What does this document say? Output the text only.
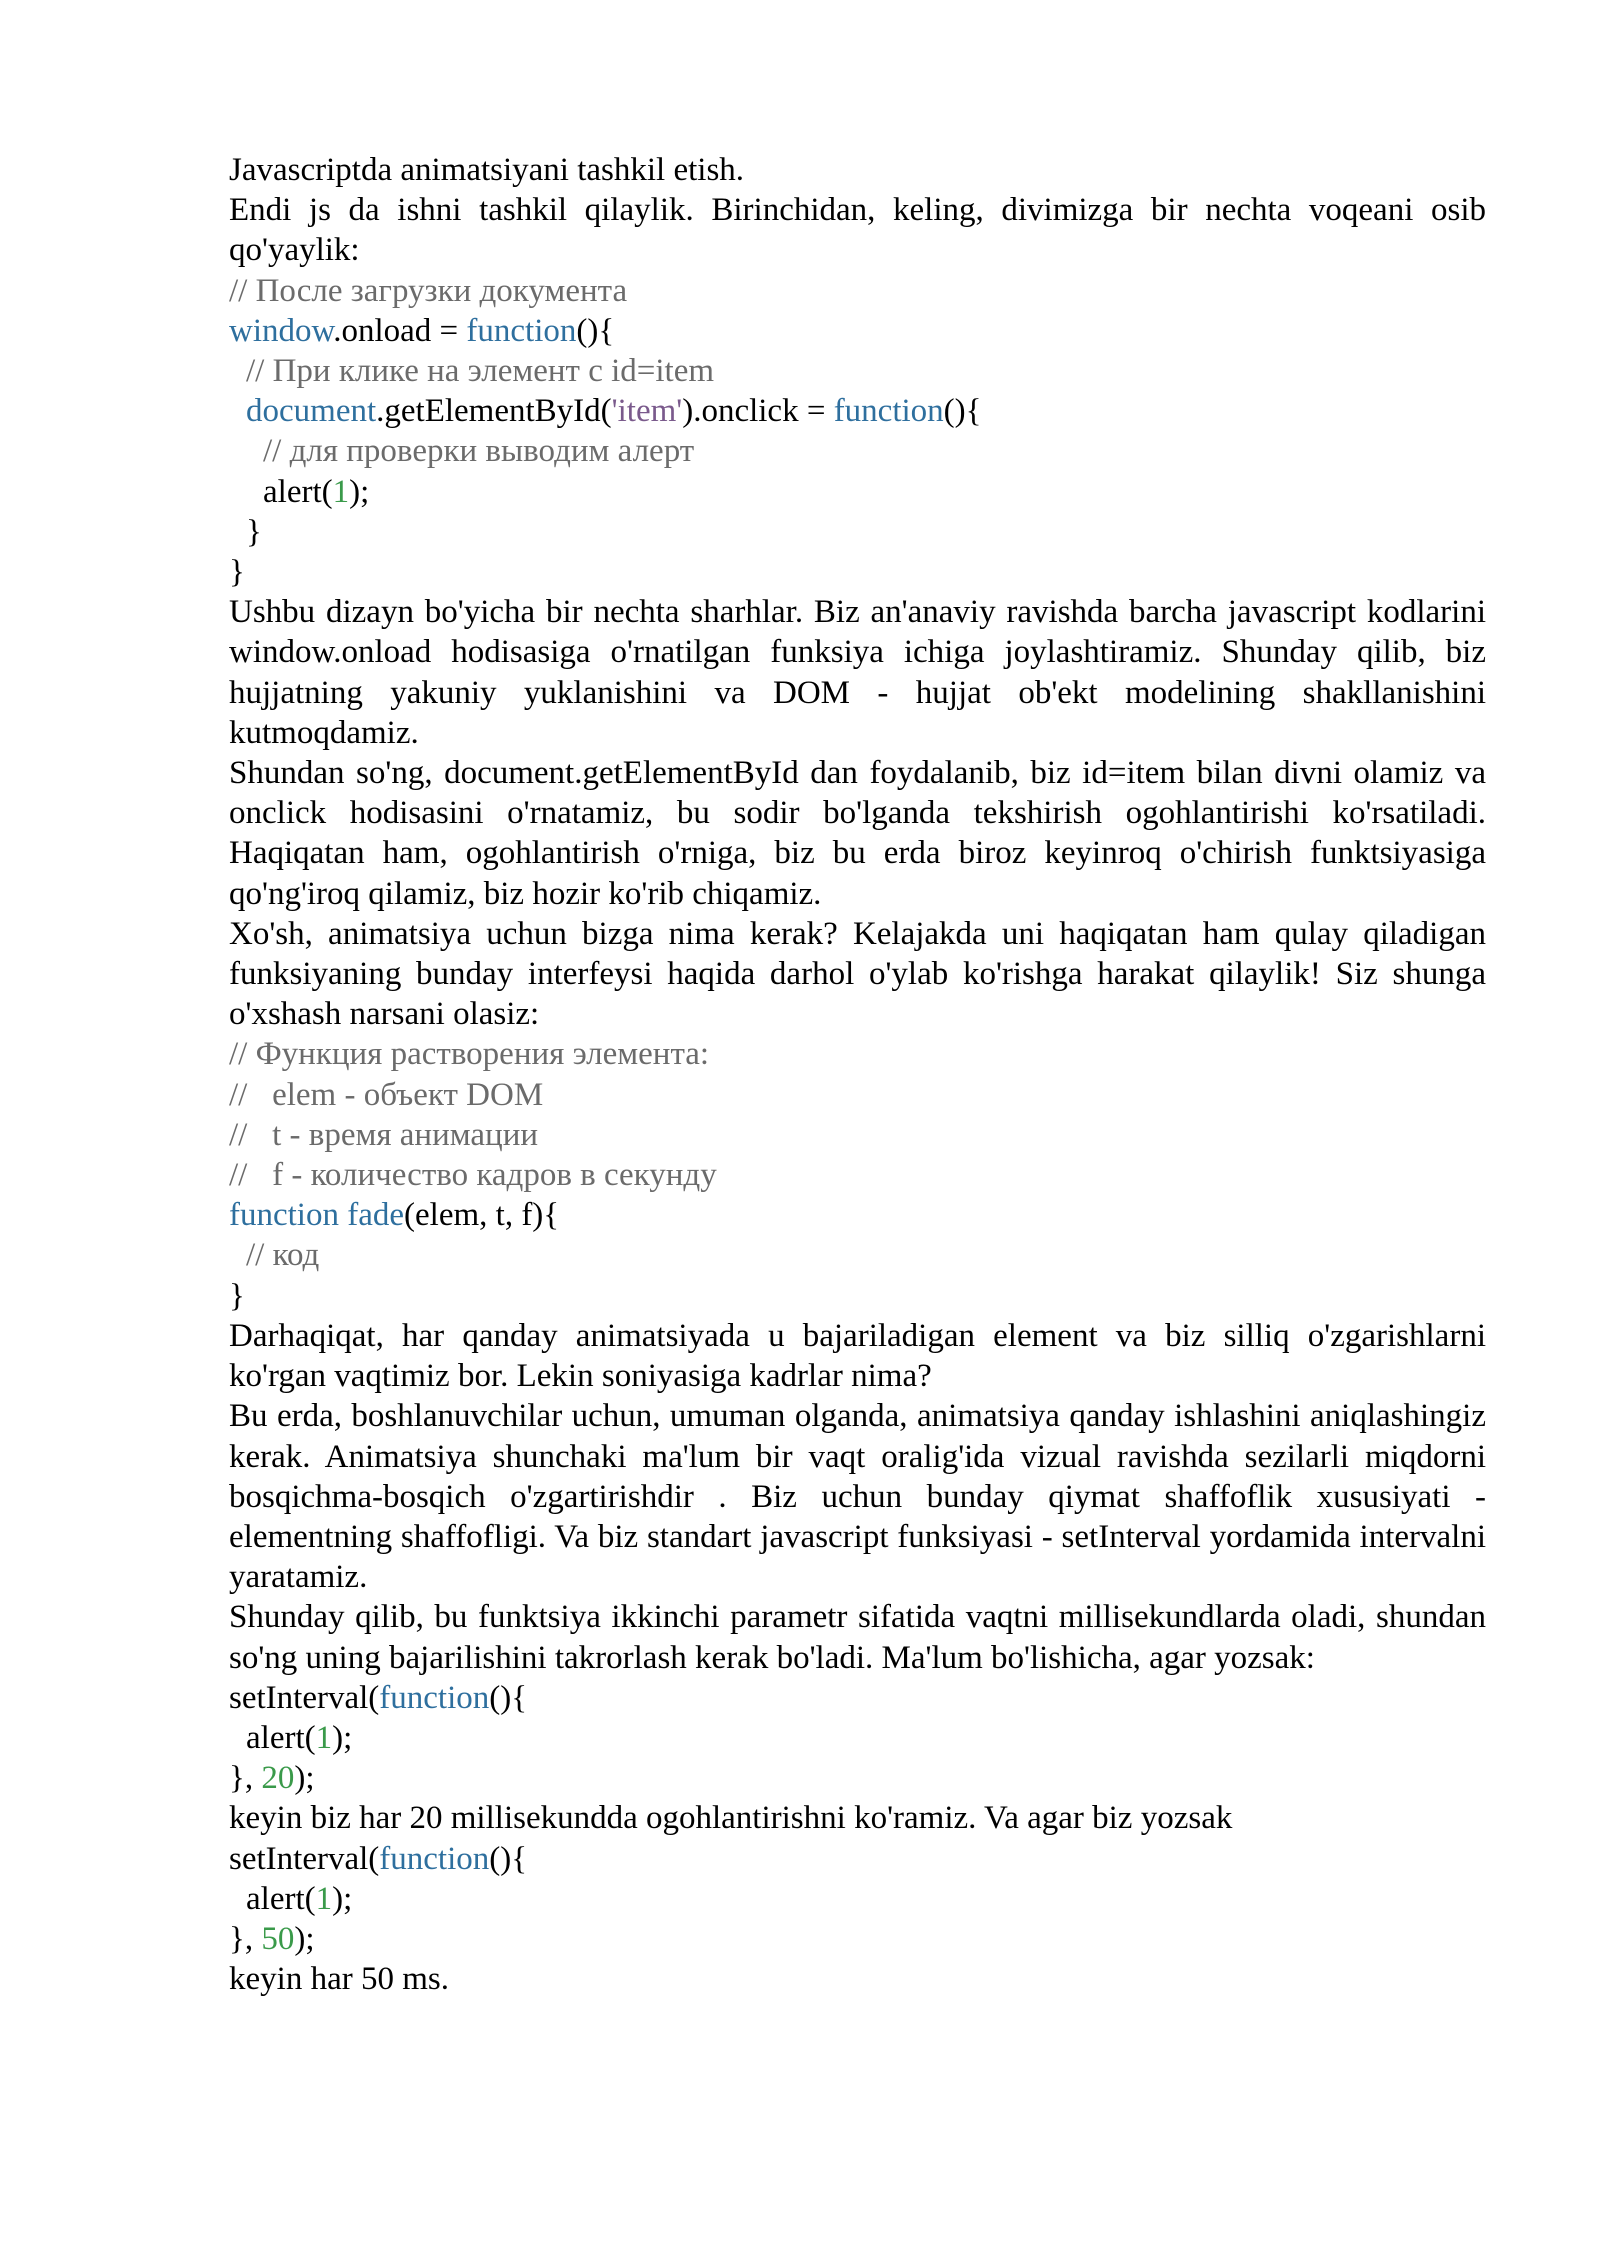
Javascriptda animatsiyani tashkil etish.
Endi js da ishni tashkil qilaylik. Birinchidan, keling, divimizga bir nechta voqeani osib qo'yaylik:
// После загрузки документа
window.onload = function(){
// При клике на элемент с id=item
document.getElementById('item').onclick = function(){
// для проверки выводим алерт
alert(1);
}
}
Ushbu dizayn bo'yicha bir nechta sharhlar. Biz an'anaviy ravishda barcha javascript kodlarini window.onload hodisasiga o'rnatilgan funksiya ichiga joylashtiramiz. Shunday qilib, biz hujjatning yakuniy yuklanishini va DOM - hujjat ob'ekt modelining shakllanishini kutmoqdamiz.
Shundan so'ng, document.getElementById dan foydalanib, biz id=item bilan divni olamiz va onclick hodisasini o'rnatamiz, bu sodir bo'lganda tekshirish ogohlantirishi ko'rsatiladi. Haqiqatan ham, ogohlantirish o'rniga, biz bu erda biroz keyinroq o'chirish funktsiyasiga qo'ng'iroq qilamiz, biz hozir ko'rib chiqamiz.
Xo'sh, animatsiya uchun bizga nima kerak? Kelajakda uni haqiqatan ham qulay qiladigan funksiyaning bunday interfeysi haqida darhol o'ylab ko'rishga harakat qilaylik! Siz shunga o'xshash narsani olasiz:
// Функция растворения элемента:
//   elem - объект DOM
//   t - время анимации
//   f - количество кадров в секунду
function fade(elem, t, f){
// код
}
Darhaqiqat, har qanday animatsiyada u bajariladigan element va biz silliq o'zgarishlarni ko'rgan vaqtimiz bor. Lekin soniyasiga kadrlar nima?
Bu erda, boshlanuvchilar uchun, umuman olganda, animatsiya qanday ishlashini aniqlashingiz kerak. Animatsiya shunchaki ma'lum bir vaqt oralig'ida vizual ravishda sezilarli miqdorni bosqichma-bosqich o'zgartirishdir . Biz uchun bunday qiymat shaffoflik xususiyati - elementning shaffofligi. Va biz standart javascript funksiyasi - setInterval yordamida intervalni yaratamiz.
Shunday qilib, bu funktsiya ikkinchi parametr sifatida vaqtni millisekundlarda oladi, shundan so'ng uning bajarilishini takrorlash kerak bo'ladi. Ma'lum bo'lishicha, agar yozsak:
setInterval(function(){
alert(1);
}, 20);
keyin biz har 20 millisekundda ogohlantirishni ko'ramiz. Va agar biz yozsak
setInterval(function(){
alert(1);
}, 50);
keyin har 50 ms.
